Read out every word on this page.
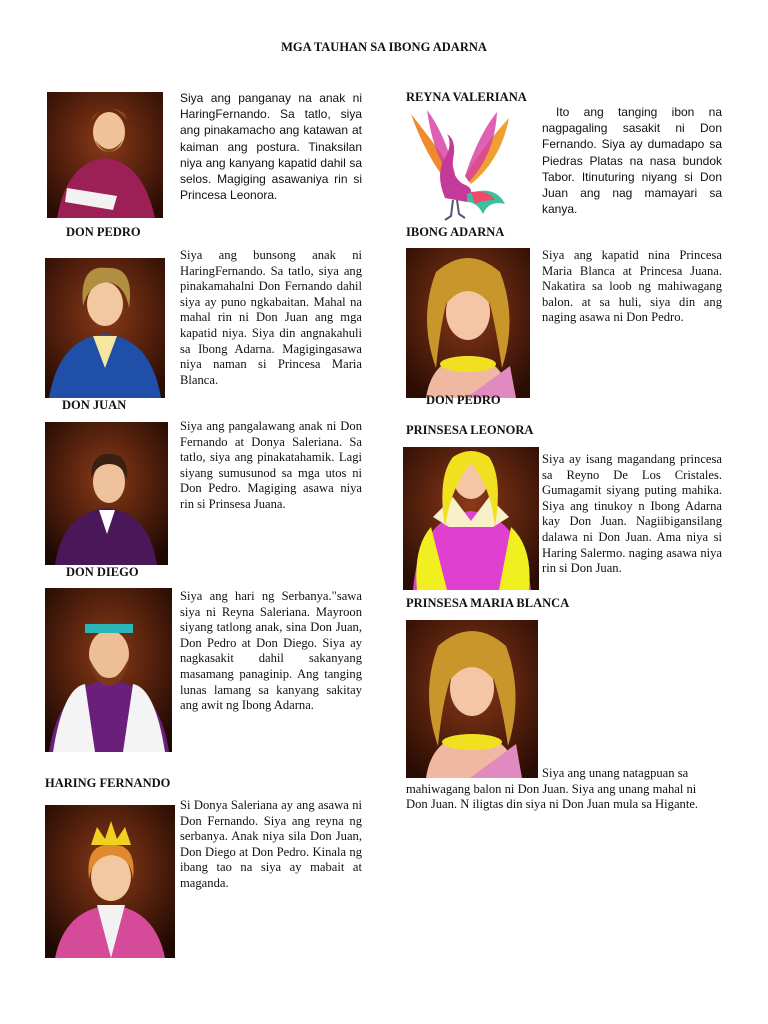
MGA TAUHAN SA IBONG ADARNA
DON PEDRO
DON JUAN
DON DIEGO
HARING FERNANDO
Siya ang panganay na anak ni HaringFernando. Sa tatlo, siya ang pinakamacho ang katawan at kaiman ang postura. Tinaksilan niya ang kanyang kapatid dahil sa selos. Magiging asawaniya rin si Princesa Leonora.
Siya ang bunsong anak ni HaringFernando. Sa tatlo, siya ang pinakamahalni Don Fernando dahil siya ay puno ngkabaitan. Mahal na mahal rin ni Don Juan ang mga kapatid niya. Siya din angnakahuli sa Ibong Adarna. Magigingasawa niya naman si Princesa Maria Blanca.
Siya ang pangalawang anak ni Don Fernando at Donya Saleriana. Sa tatlo, siya ang pinakatahamik. Lagi siyang sumusunod sa mga utos ni Don Pedro. Magiging asawa niya rin si Prinsesa Juana.
Siya ang hari ng Serbanya."sawa siya ni Reyna Saleriana. Mayroon siyang tatlong anak, sina Don Juan, Don Pedro at Don Diego. Siya ay nagkasakit dahil sakanyang masamang panaginip. Ang tanging lunas lamang sa kanyang sakitay ang awit ng Ibong Adarna.
Si Donya Saleriana ay ang asawa ni Don Fernando. Siya ang reyna ng serbanya. Anak niya sila Don Juan, Don Diego at Don Pedro. Kinala ng ibang tao na siya ay mabait at maganda.
REYNA VALERIANA
Ito ang tanging ibon na nagpagaling sasakit ni Don Fernando. Siya ay dumadapo sa Piedras Platas na nasa bundok Tabor. Itinuturing niyang si Don Juan ang nag mamayari sa kanya.
IBONG ADARNA
Siya ang kapatid nina Princesa Maria Blanca at Princesa Juana. Nakatira sa loob ng mahiwagang balon. at sa huli, siya din ang naging asawa ni Don Pedro.
DON PEDRO
PRINSESA LEONORA
Siya ay isang magandang princesa sa Reyno De Los Cristales. Gumagamit siyang puting mahika. Siya ang tinukoy n Ibong Adarna kay Don Juan. Nagiibigansilang dalawa ni Don Juan. Ama niya si Haring Salermo. naging asawa niya rin si Don Juan.
PRINSESA MARIA BLANCA
Siya ang unang natagpuan sa mahiwagang balon ni Don Juan. Siya ang unang mahal ni Don Juan. N iligtas din siya ni Don Juan mula sa Higante.
